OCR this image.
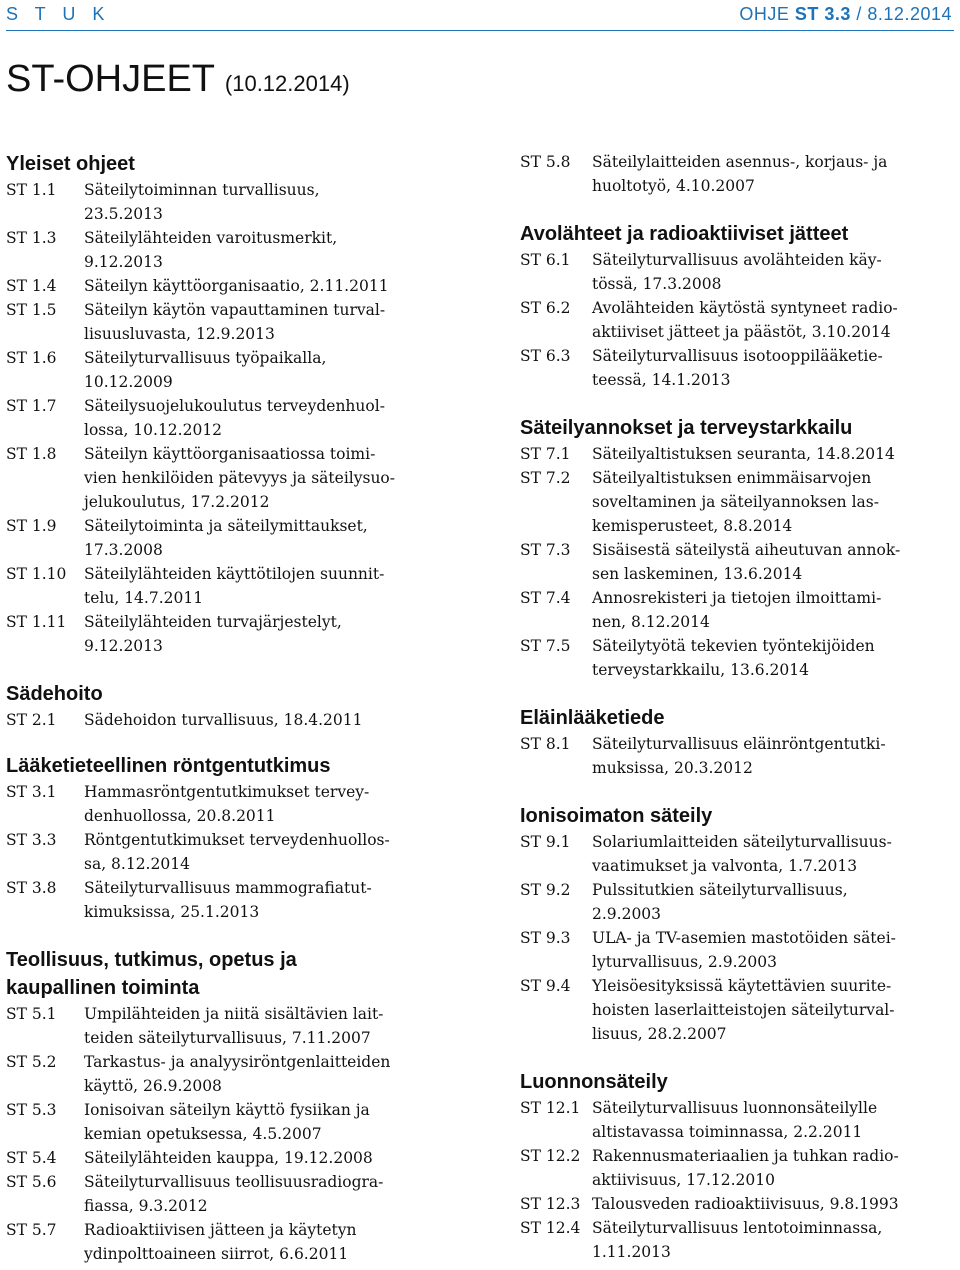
S T U K	OHJE ST 3.3 / 8.12.2014
ST-OHJEET (10.12.2014)
Yleiset ohjeet
ST 1.1	Säteilytoiminnan turvallisuus,
23.5.2013
ST 1.3	Säteilylähteiden varoitusmerkit,
9.12.2013
ST 1.4	Säteilyn käyttöorganisaatio, 2.11.2011
ST 1.5	Säteilyn käytön vapauttaminen turval-
lisuusluvasta, 12.9.2013
ST 1.6	Säteilyturvallisuus työpaikalla,
10.12.2009
ST 1.7	Säteilysuojelukoulutus terveydenhuol-
lossa, 10.12.2012
ST 1.8	Säteilyn käyttöorganisaatiossa toimi-
vien henkilöiden pätevyys ja säteilysuo-
jelukoulutus, 17.2.2012
ST 1.9	Säteilytoiminta ja säteilymittaukset,
17.3.2008
ST 1.10	Säteilylähteiden käyttötilojen suunnit-
telu, 14.7.2011
ST 1.11	Säteilylähteiden turvajärjestelyt,
9.12.2013
Sädehoito
ST 2.1	Sädehoidon turvallisuus, 18.4.2011
Lääketieteellinen röntgentutkimus
ST 3.1	Hammasröntgentutkimukset tervey-
denhuollossa, 20.8.2011
ST 3.3	Röntgentutkimukset terveydenhuollos-
sa, 8.12.2014
ST 3.8	Säteilyturvallisuus mammografiatut-
kimuksissa, 25.1.2013
Teollisuus, tutkimus, opetus ja kaupallinen toiminta
ST 5.1	Umpilähteiden ja niitä sisältävien lait-
teiden säteilyturvallisuus, 7.11.2007
ST 5.2	Tarkastus- ja analyysiröntgenlaitteiden
käyttö, 26.9.2008
ST 5.3	Ionisoivan säteilyn käyttö fysiikan ja
kemian opetuksessa, 4.5.2007
ST 5.4	Säteilylähteiden kauppa, 19.12.2008
ST 5.6	Säteilyturvallisuus teollisuusradiogra-
fiassa, 9.3.2012
ST 5.7	Radioaktiivisen jätteen ja käytetyn
ydinpolttoaineen siirrot, 6.6.2011
ST 5.8	Säteilylaitteiden asennus-, korjaus- ja
huoltotyö, 4.10.2007
Avolähteet ja radioaktiiviset jätteet
ST 6.1	Säteilyturvallisuus avolähteiden käy-
tössä, 17.3.2008
ST 6.2	Avolähteiden käytöstä syntyneet radio-
aktiiviset jätteet ja päästöt, 3.10.2014
ST 6.3	Säteilyturvallisuus isotooppilääketie-
teessä, 14.1.2013
Säteilyannokset ja terveystarkkailu
ST 7.1	Säteilyaltistuksen seuranta, 14.8.2014
ST 7.2	Säteilyaltistuksen enimmäisarvojen
soveltaminen ja säteilyannoksen las-
kemisperusteet, 8.8.2014
ST 7.3	Sisäisestä säteilystä aiheutuvan annok-
sen laskeminen, 13.6.2014
ST 7.4	Annosrekisteri ja tietojen ilmoittami-
nen, 8.12.2014
ST 7.5	Säteilytyötä tekevien työntekijöiden
terveystarkkailu, 13.6.2014
Eläinlääketiede
ST 8.1	Säteilyturvallisuus eläinröntgentutki-
muksissa, 20.3.2012
Ionisoimaton säteily
ST 9.1	Solariumlaitteiden säteilyturvallisuus-
vaatimukset ja valvonta, 1.7.2013
ST 9.2	Pulssitutkien säteilyturvallisuus,
2.9.2003
ST 9.3	ULA- ja TV-asemien mastotöiden sätei-
lyturvallisuus, 2.9.2003
ST 9.4	Yleisöesityksissä käytettävien suurite-
hoisten laserlaitteistojen säteilyturval-
lisuus, 28.2.2007
Luonnonsäteily
ST 12.1 Säteilyturvallisuus luonnonsäteilylle
altistavassa toiminnassa, 2.2.2011
ST 12.2 Rakennusmateriaalien ja tuhkan radio-
aktiivisuus, 17.12.2010
ST 12.3 Talousveden radioaktiivisuus, 9.8.1993
ST 12.4 Säteilyturvallisuus lentotoiminnassa,
1.11.2013
